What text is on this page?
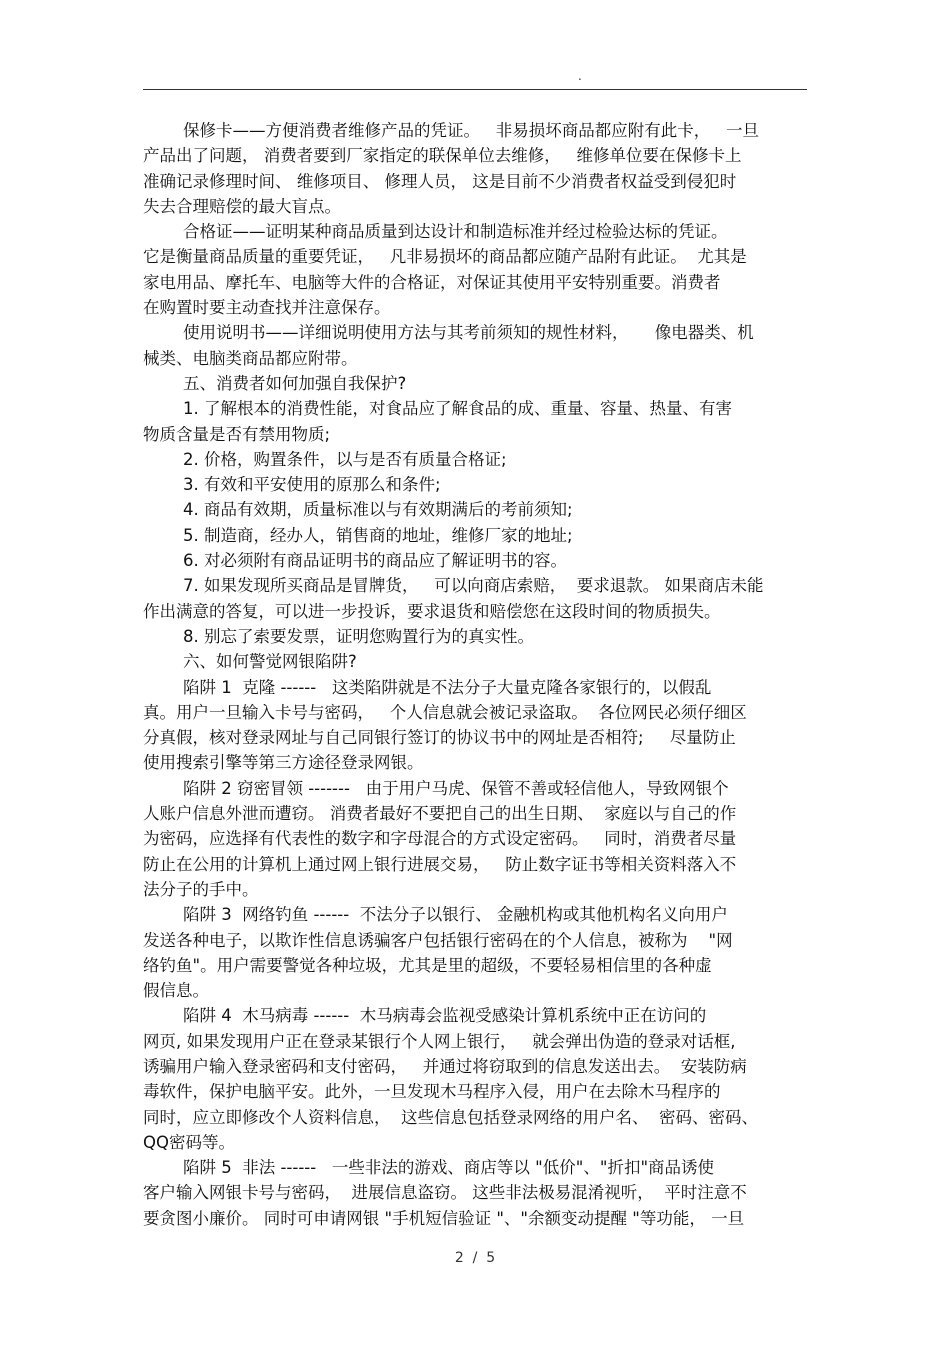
.
保修卡——方便消费者维修产品的凭证。   非易损坏商品都应附有此卡，   一旦
产品出了问题， 消费者要到厂家指定的联保单位去维修，   维修单位要在保修卡上
准确记录修理时间、 维修项目、 修理人员， 这是目前不少消费者权益受到侵犯时
失去合理赔偿的最大盲点。
合格证——证明某种商品质量到达设计和制造标准并经过检验达标的凭证。
它是衡量商品质量的重要凭证，   凡非易损坏的商品都应随产品附有此证。  尤其是
家电用品、摩托车、电脑等大件的合格证，对保证其使用平安特别重要。消费者
在购置时要主动查找并注意保存。
使用说明书——详细说明使用方法与其考前须知的规性材料，     像电器类、机
械类、电脑类商品都应附带。
五、消费者如何加强自我保护?
1. 了解根本的消费性能，对食品应了解食品的成、重量、容量、热量、有害
物质含量是否有禁用物质;
2. 价格，购置条件，以与是否有质量合格证;
3. 有效和平安使用的原那么和条件;
4. 商品有效期，质量标准以与有效期满后的考前须知;
5. 制造商，经办人，销售商的地址，维修厂家的地址;
6. 对必须附有商品证明书的商品应了解证明书的容。
7. 如果发现所买商品是冒牌货，   可以向商店索赔，  要求退款。 如果商店未能
作出满意的答复，可以进一步投诉，要求退货和赔偿您在这段时间的物质损失。
8. 别忘了索要发票，证明您购置行为的真实性。
六、如何警觉网银陷阱?
陷阱 1  克隆 ------   这类陷阱就是不法分子大量克隆各家银行的，以假乱
真。用户一旦输入卡号与密码，   个人信息就会被记录盗取。  各位网民必须仔细区
分真假，核对登录网址与自己同银行签订的协议书中的网址是否相符;     尽量防止
使用搜索引擎等第三方途径登录网银。
陷阱 2 窃密冒领 -------   由于用户马虎、保管不善或轻信他人，导致网银个
人账户信息外泄而遭窃。 消费者最好不要把自己的出生日期、  家庭以与自己的作
为密码，应选择有代表性的数字和字母混合的方式设定密码。   同时，消费者尽量
防止在公用的计算机上通过网上银行进展交易，   防止数字证书等相关资料落入不
法分子的手中。
陷阱 3  网络钓鱼 ------  不法分子以银行、 金融机构或其他机构名义向用户
发送各种电子，以欺诈性信息诱骗客户包括银行密码在的个人信息，被称为    "网
络钓鱼"。用户需要警觉各种垃圾，尤其是里的超级，不要轻易相信里的各种虚
假信息。
陷阱 4  木马病毒 ------  木马病毒会监视受感染计算机系统中正在访问的
网页, 如果发现用户正在登录某银行个人网上银行，   就会弹出伪造的登录对话框,
诱骗用户输入登录密码和支付密码，   并通过将窃取到的信息发送出去。  安装防病
毒软件，保护电脑平安。此外，一旦发现木马程序入侵，用户在去除木马程序的
同时，应立即修改个人资料信息，  这些信息包括登录网络的用户名、  密码、密码、
QQ密码等。
陷阱 5  非法 ------   一些非法的游戏、商店等以 "低价"、"折扣"商品诱使
客户输入网银卡号与密码，  进展信息盗窃。 这些非法极易混淆视听，  平时注意不
要贪图小廉价。 同时可申请网银 "手机短信验证 "、"余额变动提醒 "等功能， 一旦
2  /  5
